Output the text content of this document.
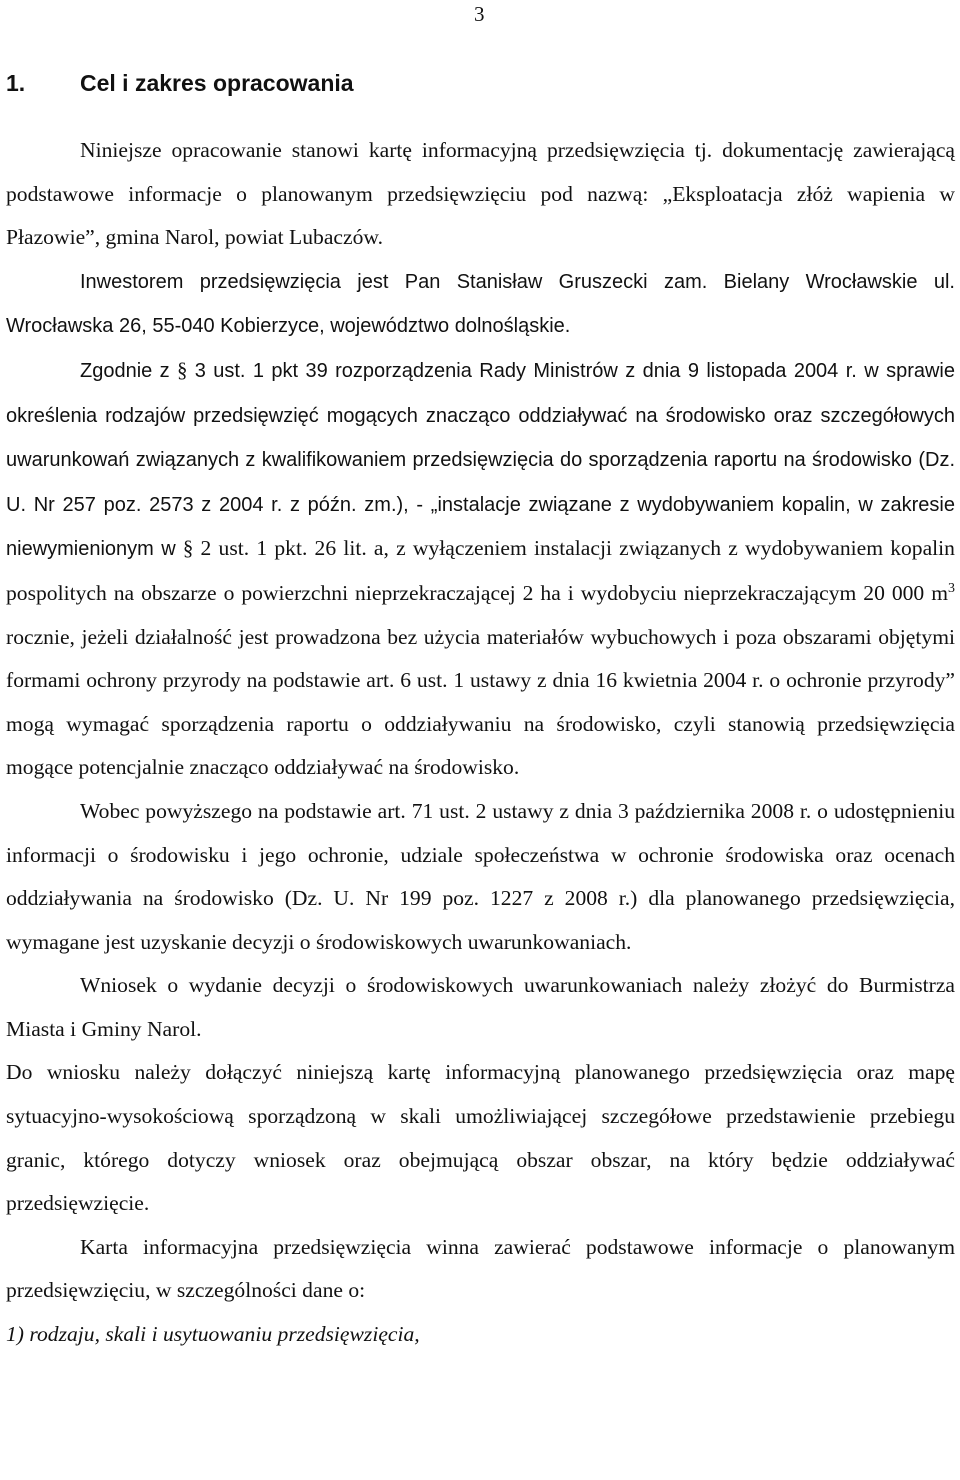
3
1. Cel i zakres opracowania

Niniejsze opracowanie stanowi kartę informacyjną przedsięwzięcia tj. dokumentację zawierającą podstawowe informacje o planowanym przedsięwzięciu pod nazwą: „Eksploatacja złóż wapienia w Płazowie”, gmina Narol, powiat Lubaczów.

Inwestorem przedsięwzięcia jest Pan Stanisław Gruszecki zam. Bielany Wrocławskie ul. Wrocławska 26, 55-040 Kobierzyce, województwo dolnośląskie.

Zgodnie z § 3 ust. 1 pkt 39 rozporządzenia Rady Ministrów z dnia 9 listopada 2004 r. w sprawie określenia rodzajów przedsięwzięć mogących znacząco oddziaływać na środowisko oraz szczegółowych uwarunkowań związanych z kwalifikowaniem przedsięwzięcia do sporządzenia raportu na środowisko (Dz. U. Nr 257 poz. 2573 z 2004 r. z późn. zm.), - „instalacje związane z wydobywaniem kopalin, w zakresie niewymienionym w § 2 ust. 1 pkt. 26 lit. a, z wyłączeniem instalacji związanych z wydobywaniem kopalin pospolitych na obszarze o powierzchni nieprzekraczającej 2 ha i wydobyciu nieprzekraczającym 20 000 $m^3$ rocznie, jeżeli działalność jest prowadzona bez użycia materiałów wybuchowych i poza obszarami objętymi formami ochrony przyrody na podstawie art. 6 ust. 1 ustawy z dnia 16 kwietnia 2004 r. o ochronie przyrody” mogą wymagać sporządzenia raportu o oddziaływaniu na środowisko, czyli stanowią przedsięwzięcia mogące potencjalnie znacząco oddziaływać na środowisko.

Wobec powyższego na podstawie art. 71 ust. 2 ustawy z dnia 3 października 2008 r. o udostępnieniu informacji o środowisku i jego ochronie, udziale społeczeństwa w ochronie środowiska oraz ocenach oddziaływania na środowisko (Dz. U. Nr 199 poz. 1227 z 2008 r.) dla planowanego przedsięwzięcia, wymagane jest uzyskanie decyzji o środowiskowych uwarunkowaniach.

Wniosek o wydanie decyzji o środowiskowych uwarunkowaniach należy złożyć do Burmistrza Miasta i Gminy Narol.

Do wniosku należy dołączyć niniejszą kartę informacyjną planowanego przedsięwzięcia oraz mapę sytuacyjno-wysokościową sporządzoną w skali umożliwiającej szczegółowe przedstawienie przebiegu granic, którego dotyczy wniosek oraz obejmującą obszar obszar, na który będzie oddziaływać przedsięwzięcie.

Karta informacyjna przedsięwzięcia winna zawierać podstawowe informacje o planowanym przedsięwzięciu, w szczególności dane o:

1) rodzaju, skali i usytuowaniu przedsięwzięcia,
